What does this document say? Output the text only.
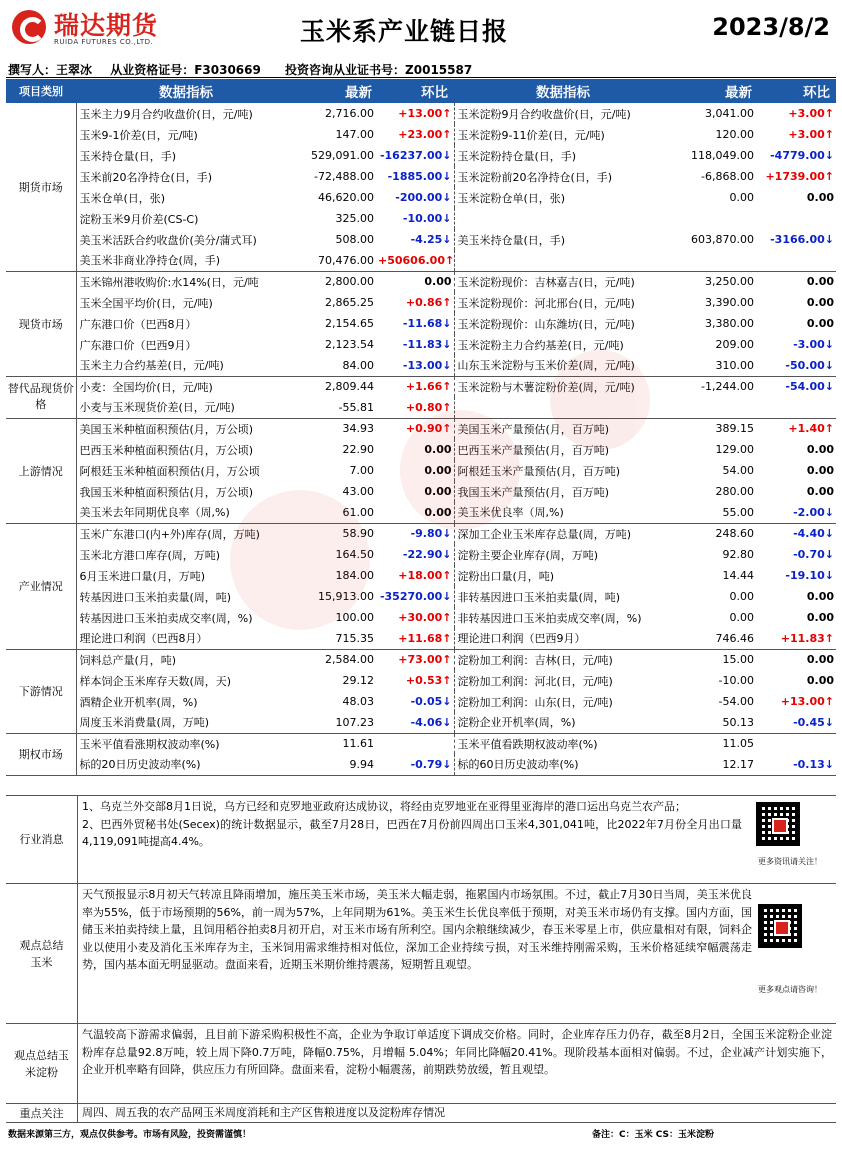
瑞达期货
RUIDA FUTURES CO.,LTD.	玉米系产业链日报	2023/8/2
撰写人：王翠冰 从业资格证号：F3030669 投资咨询从业证书号：Z0015587
项目类别	数据指标	最新	环比	数据指标	最新	环比
期货市场	玉米主力9月合约收盘价(日，元/吨)	2,716.00	+13.00↑	玉米淀粉9月合约收盘价(日，元/吨)	3,041.00	+3.00↑
	玉米9-1价差(日，元/吨)	147.00	+23.00↑	玉米淀粉9-11价差(日，元/吨)	120.00	+3.00↑
	玉米持仓量(日，手)	529,091.00	-16237.00↓	玉米淀粉持仓量(日，手)	118,049.00	-4779.00↓
	玉米前20名净持仓(日，手)	-72,488.00	-1885.00↓	玉米淀粉前20名净持仓(日，手)	-6,868.00	+1739.00↑
	玉米仓单(日，张)	46,620.00	-200.00↓	玉米淀粉仓单(日，张)	0.00	0.00
	淀粉玉米9月价差(CS-C)	325.00	-10.00↓			
	美玉米活跃合约收盘价(美分/蒲式耳)	508.00	-4.25↓	美玉米持仓量(日，手)	603,870.00	-3166.00↓
	美玉米非商业净持仓(周，手)	70,476.00	+50606.00↑			
现货市场	玉米锦州港收购价:水14%(日，元/吨	2,800.00	0.00	玉米淀粉现价：吉林嘉吉(日，元/吨)	3,250.00	0.00
	玉米全国平均价(日，元/吨)	2,865.25	+0.86↑	玉米淀粉现价：河北邢台(日，元/吨)	3,390.00	0.00
	广东港口价（巴西8月）	2,154.65	-11.68↓	玉米淀粉现价：山东潍坊(日，元/吨)	3,380.00	0.00
	广东港口价（巴西9月）	2,123.54	-11.83↓	玉米淀粉主力合约基差(日，元/吨)	209.00	-3.00↓
	玉米主力合约基差(日，元/吨)	84.00	-13.00↓	山东玉米淀粉与玉米价差(周，元/吨)	310.00	-50.00↓
替代品现货价格	小麦：全国均价(日，元/吨)	2,809.44	+1.66↑	玉米淀粉与木薯淀粉价差(周，元/吨)	-1,244.00	-54.00↓
	小麦与玉米现货价差(日，元/吨)	-55.81	+0.80↑			
上游情况	美国玉米种植面积预估(月，万公顷)	34.93	+0.90↑	美国玉米产量预估(月，百万吨)	389.15	+1.40↑
	巴西玉米种植面积预估(月，万公顷)	22.90	0.00	巴西玉米产量预估(月，百万吨)	129.00	0.00
	阿根廷玉米种植面积预估(月，万公顷	7.00	0.00	阿根廷玉米产量预估(月，百万吨)	54.00	0.00
	我国玉米种植面积预估(月，万公顷)	43.00	0.00	我国玉米产量预估(月，百万吨)	280.00	0.00
	美玉米去年同期优良率（周,%)	61.00	0.00	美玉米优良率（周,%)	55.00	-2.00↓
产业情况	玉米广东港口(内+外)库存(周，万吨)	58.90	-9.80↓	深加工企业玉米库存总量(周，万吨)	248.60	-4.40↓
	玉米北方港口库存(周，万吨)	164.50	-22.90↓	淀粉主要企业库存(周，万吨)	92.80	-0.70↓
	6月玉米进口量(月，万吨)	184.00	+18.00↑	淀粉出口量(月，吨)	14.44	-19.10↓
	转基因进口玉米拍卖量(周，吨)	15,913.00	-35270.00↓	非转基因进口玉米拍卖量(周，吨)	0.00	0.00
	转基因进口玉米拍卖成交率(周，%)	100.00	+30.00↑	非转基因进口玉米拍卖成交率(周，%)	0.00	0.00
	理论进口利润（巴西8月）	715.35	+11.68↑	理论进口利润（巴西9月）	746.46	+11.83↑
下游情况	饲料总产量(月，吨)	2,584.00	+73.00↑	淀粉加工利润：吉林(日，元/吨)	15.00	0.00
	样本饲企玉米库存天数(周，天)	29.12	+0.53↑	淀粉加工利润：河北(日，元/吨)	-10.00	0.00
	酒精企业开机率(周，%)	48.03	-0.05↓	淀粉加工利润：山东(日，元/吨)	-54.00	+13.00↑
	周度玉米消费量(周，万吨)	107.23	-4.06↓	淀粉企业开机率(周，%)	50.13	-0.45↓
期权市场	玉米平值看涨期权波动率(%)	11.61		玉米平值看跌期权波动率(%)	11.05	
	标的20日历史波动率(%)	9.94	-0.79↓	标的60日历史波动率(%)	12.17	-0.13↓
行业消息
1、乌克兰外交部8月1日说，乌方已经和克罗地亚政府达成协议，将经由克罗地亚在亚得里亚海岸的港口运出乌克兰农产品；
2、巴西外贸秘书处(Secex)的统计数据显示，截至7月28日，巴西在7月份前四周出口玉米4,301,041吨，比2022年7月份全月出口量4,119,091吨提高4.4%。
更多资讯请关注！
观点总结玉米
天气预报显示8月初天气转凉且降雨增加，施压美玉米市场，美玉米大幅走弱，拖累国内市场氛围。不过，截止7月30日当周，美玉米优良率为55%，低于市场预期的56%，前一周为57%，上年同期为61%。美玉米生长优良率低于预期，对美玉米市场仍有支撑。国内方面，国储玉米拍卖持续上量，且饲用稻谷拍卖8月初开启，对玉米市场有所利空。国内余粮继续减少，春玉米零星上市，供应量相对有限，饲料企业以使用小麦及消化玉米库存为主，玉米饲用需求维持相对低位，深加工企业持续亏损，对玉米维持刚需采购，玉米价格延续窄幅震荡走势，国内基本面无明显驱动。盘面来看，近期玉米期价维持震荡，短期暂且观望。
更多观点请咨询！
观点总结玉米淀粉
气温较高下游需求偏弱，且目前下游采购积极性不高，企业为争取订单适度下调成交价格。同时，企业库存压力仍存，截至8月2日，全国玉米淀粉企业淀粉库存总量92.8万吨，较上周下降0.7万吨，降幅0.75%，月增幅 5.04%；年同比降幅20.41%。现阶段基本面相对偏弱。不过，企业减产计划实施下，企业开机率略有回降，供应压力有所回降。盘面来看，淀粉小幅震荡，前期跌势放缓，暂且观望。
重点关注	周四、周五我的农产品网玉米周度消耗和主产区售粮进度以及淀粉库存情况
数据来源第三方，观点仅供参考。市场有风险，投资需谨慎！	备注：C：玉米 CS：玉米淀粉
